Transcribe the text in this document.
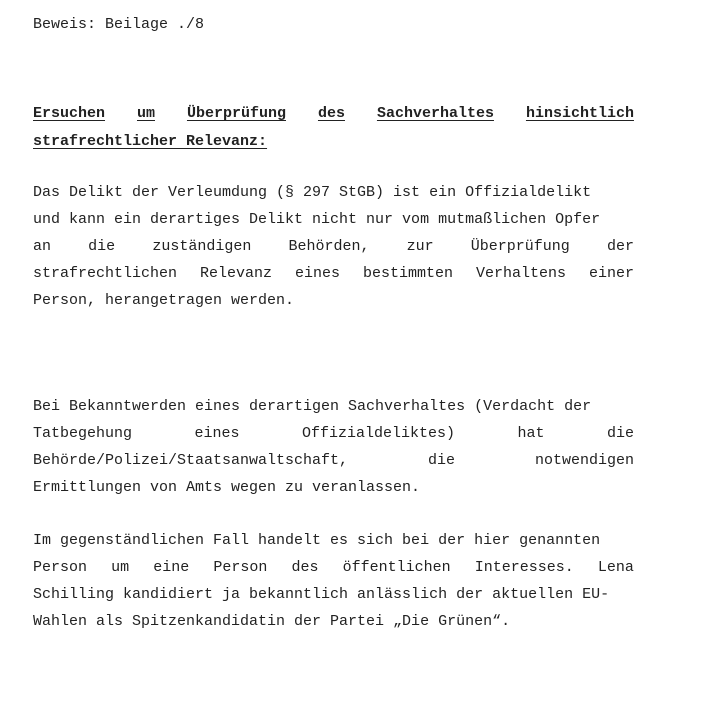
Beweis: Beilage ./8
Ersuchen um Überprüfung des Sachverhaltes hinsichtlich
strafrechtlicher Relevanz:
Das Delikt der Verleumdung (§ 297 StGB) ist ein Offizialdelikt
und kann ein derartiges Delikt nicht nur vom mutmaßlichen Opfer
an die zuständigen Behörden, zur Überprüfung der
strafrechtlichen Relevanz eines bestimmten Verhaltens einer
Person, herangetragen werden.
Bei Bekanntwerden eines derartigen Sachverhaltes (Verdacht der
Tatbegehung	eines	Offizialdeliktes)	hat	die
Behörde/Polizei/Staatsanwaltschaft,	die	notwendigen
Ermittlungen von Amts wegen zu veranlassen.
Im gegenständlichen Fall handelt es sich bei der hier genannten
Person um eine Person des öffentlichen Interesses. Lena
Schilling kandidiert ja bekanntlich anlässlich der aktuellen EU-
Wahlen als Spitzenkandidatin der Partei „Die Grünen“.
